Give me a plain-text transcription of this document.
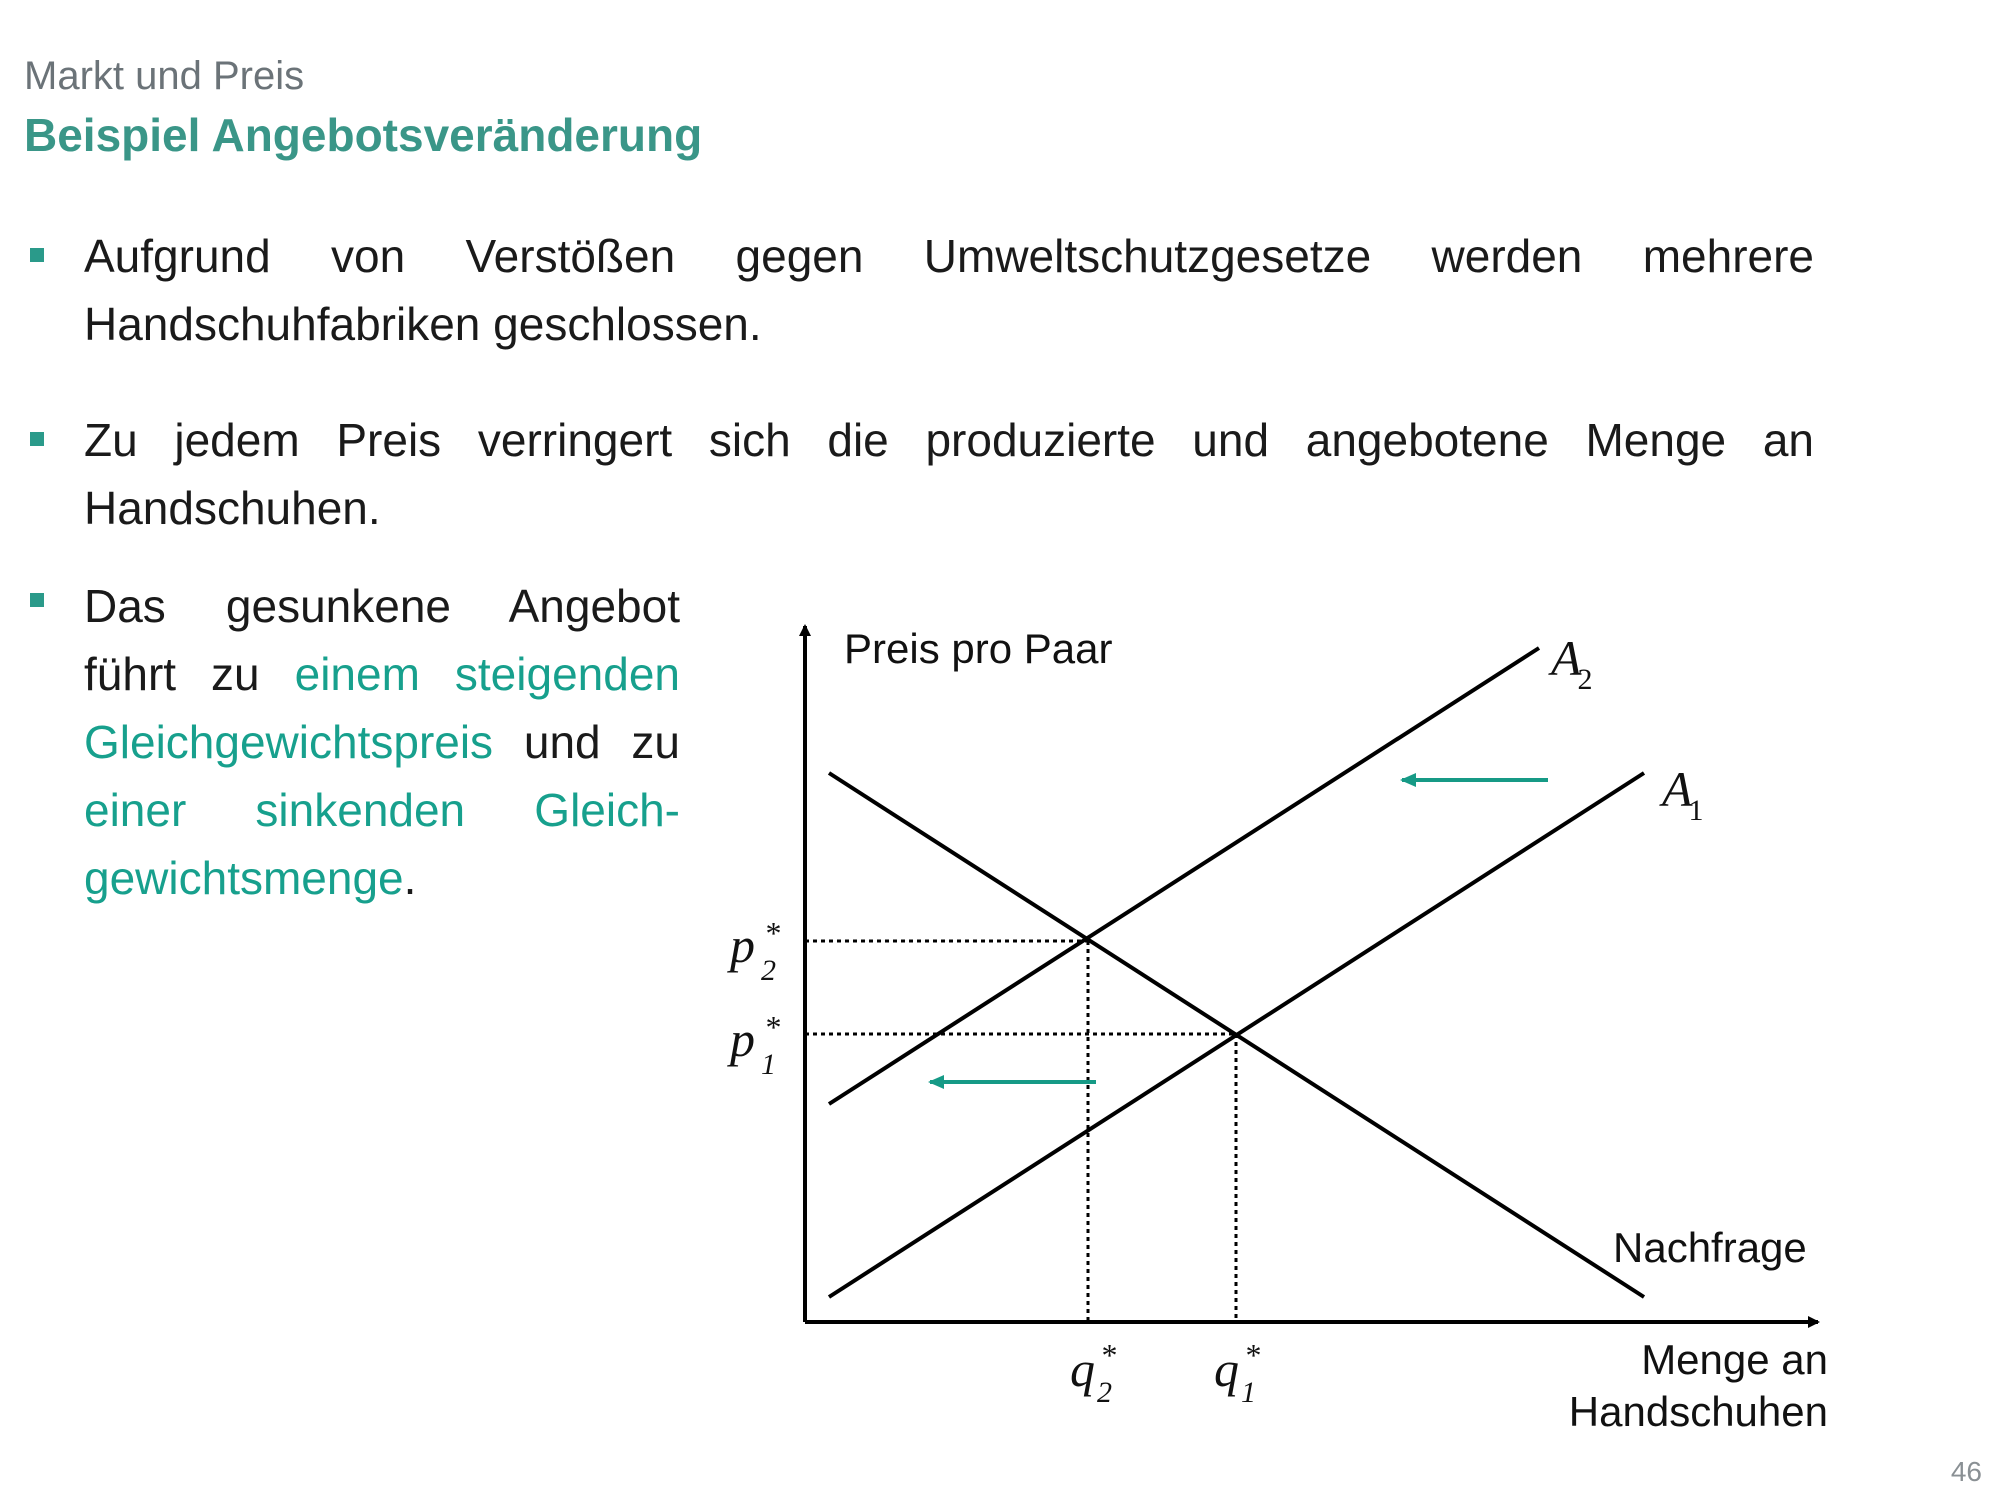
Markt und Preis
Beispiel Angebotsveränderung
Aufgrund von Verstößen gegen Umweltschutzgesetze werden mehrere Handschuhfabriken geschlossen.
Zu jedem Preis verringert sich die produzierte und angebotene Menge an Handschuhen.
Das gesunkene Angebot führt zu einem steigenden Gleichgewichtspreis und zu einer sinkenden Gleich-gewichtsmenge.
Preis pro Paar
Menge an
Handschuhen
Nachfrage
A2
A1
p *
2
p *
1
q *
2 q *
1
46
